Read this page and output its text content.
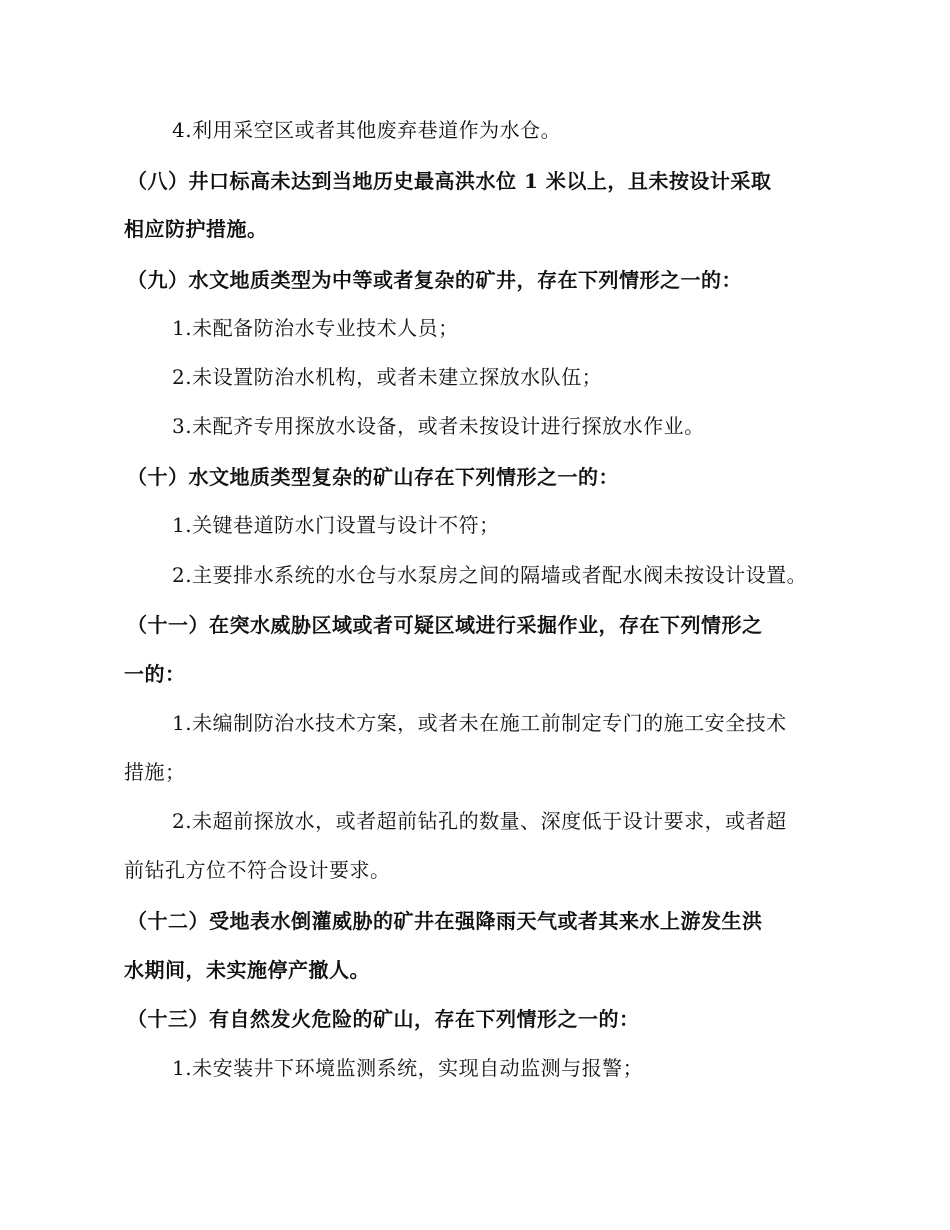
4.利用采空区或者其他废弃巷道作为水仓。
（八）井口标高未达到当地历史最高洪水位 1 米以上，且未按设计采取
相应防护措施。
（九）水文地质类型为中等或者复杂的矿井，存在下列情形之一的：
1.未配备防治水专业技术人员；
2.未设置防治水机构，或者未建立探放水队伍；
3.未配齐专用探放水设备，或者未按设计进行探放水作业。
（十）水文地质类型复杂的矿山存在下列情形之一的：
1.关键巷道防水门设置与设计不符；
2.主要排水系统的水仓与水泵房之间的隔墙或者配水阀未按设计设置。
（十一）在突水威胁区域或者可疑区域进行采掘作业，存在下列情形之
一的：
1.未编制防治水技术方案，或者未在施工前制定专门的施工安全技术
措施；
2.未超前探放水，或者超前钻孔的数量、深度低于设计要求，或者超
前钻孔方位不符合设计要求。
（十二）受地表水倒灌威胁的矿井在强降雨天气或者其来水上游发生洪
水期间，未实施停产撤人。
（十三）有自然发火危险的矿山，存在下列情形之一的：
1.未安装井下环境监测系统，实现自动监测与报警；
